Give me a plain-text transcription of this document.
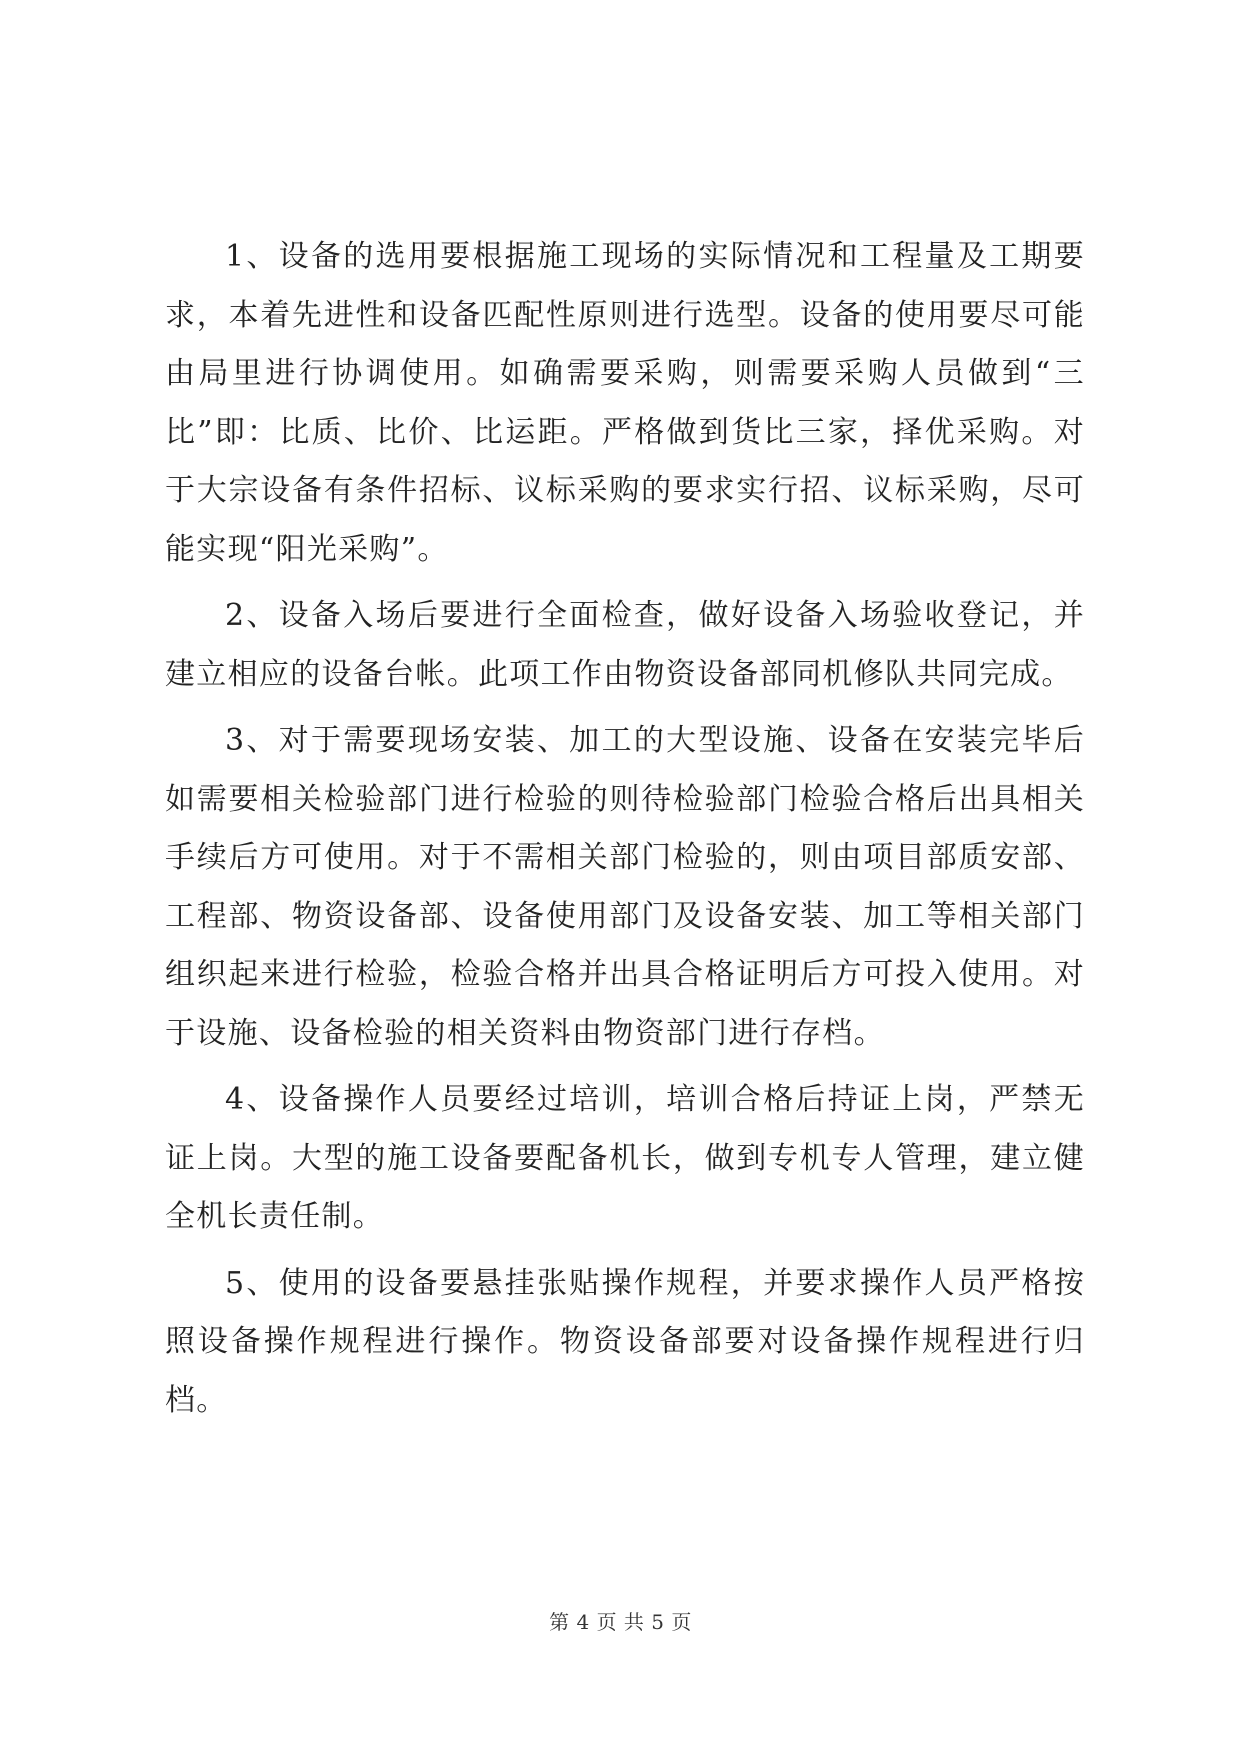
1、设备的选用要根据施工现场的实际情况和工程量及工期要求，本着先进性和设备匹配性原则进行选型。设备的使用要尽可能由局里进行协调使用。如确需要采购，则需要采购人员做到“三比”即：比质、比价、比运距。严格做到货比三家，择优采购。对于大宗设备有条件招标、议标采购的要求实行招、议标采购，尽可能实现“阳光采购”。

2、设备入场后要进行全面检查，做好设备入场验收登记，并建立相应的设备台帐。此项工作由物资设备部同机修队共同完成。

3、对于需要现场安装、加工的大型设施、设备在安装完毕后如需要相关检验部门进行检验的则待检验部门检验合格后出具相关手续后方可使用。对于不需相关部门检验的，则由项目部质安部、工程部、物资设备部、设备使用部门及设备安装、加工等相关部门组织起来进行检验，检验合格并出具合格证明后方可投入使用。对于设施、设备检验的相关资料由物资部门进行存档。

4、设备操作人员要经过培训，培训合格后持证上岗，严禁无证上岗。大型的施工设备要配备机长，做到专机专人管理，建立健全机长责任制。

5、使用的设备要悬挂张贴操作规程，并要求操作人员严格按照设备操作规程进行操作。物资设备部要对设备操作规程进行归档。

第 4 页 共 5 页
